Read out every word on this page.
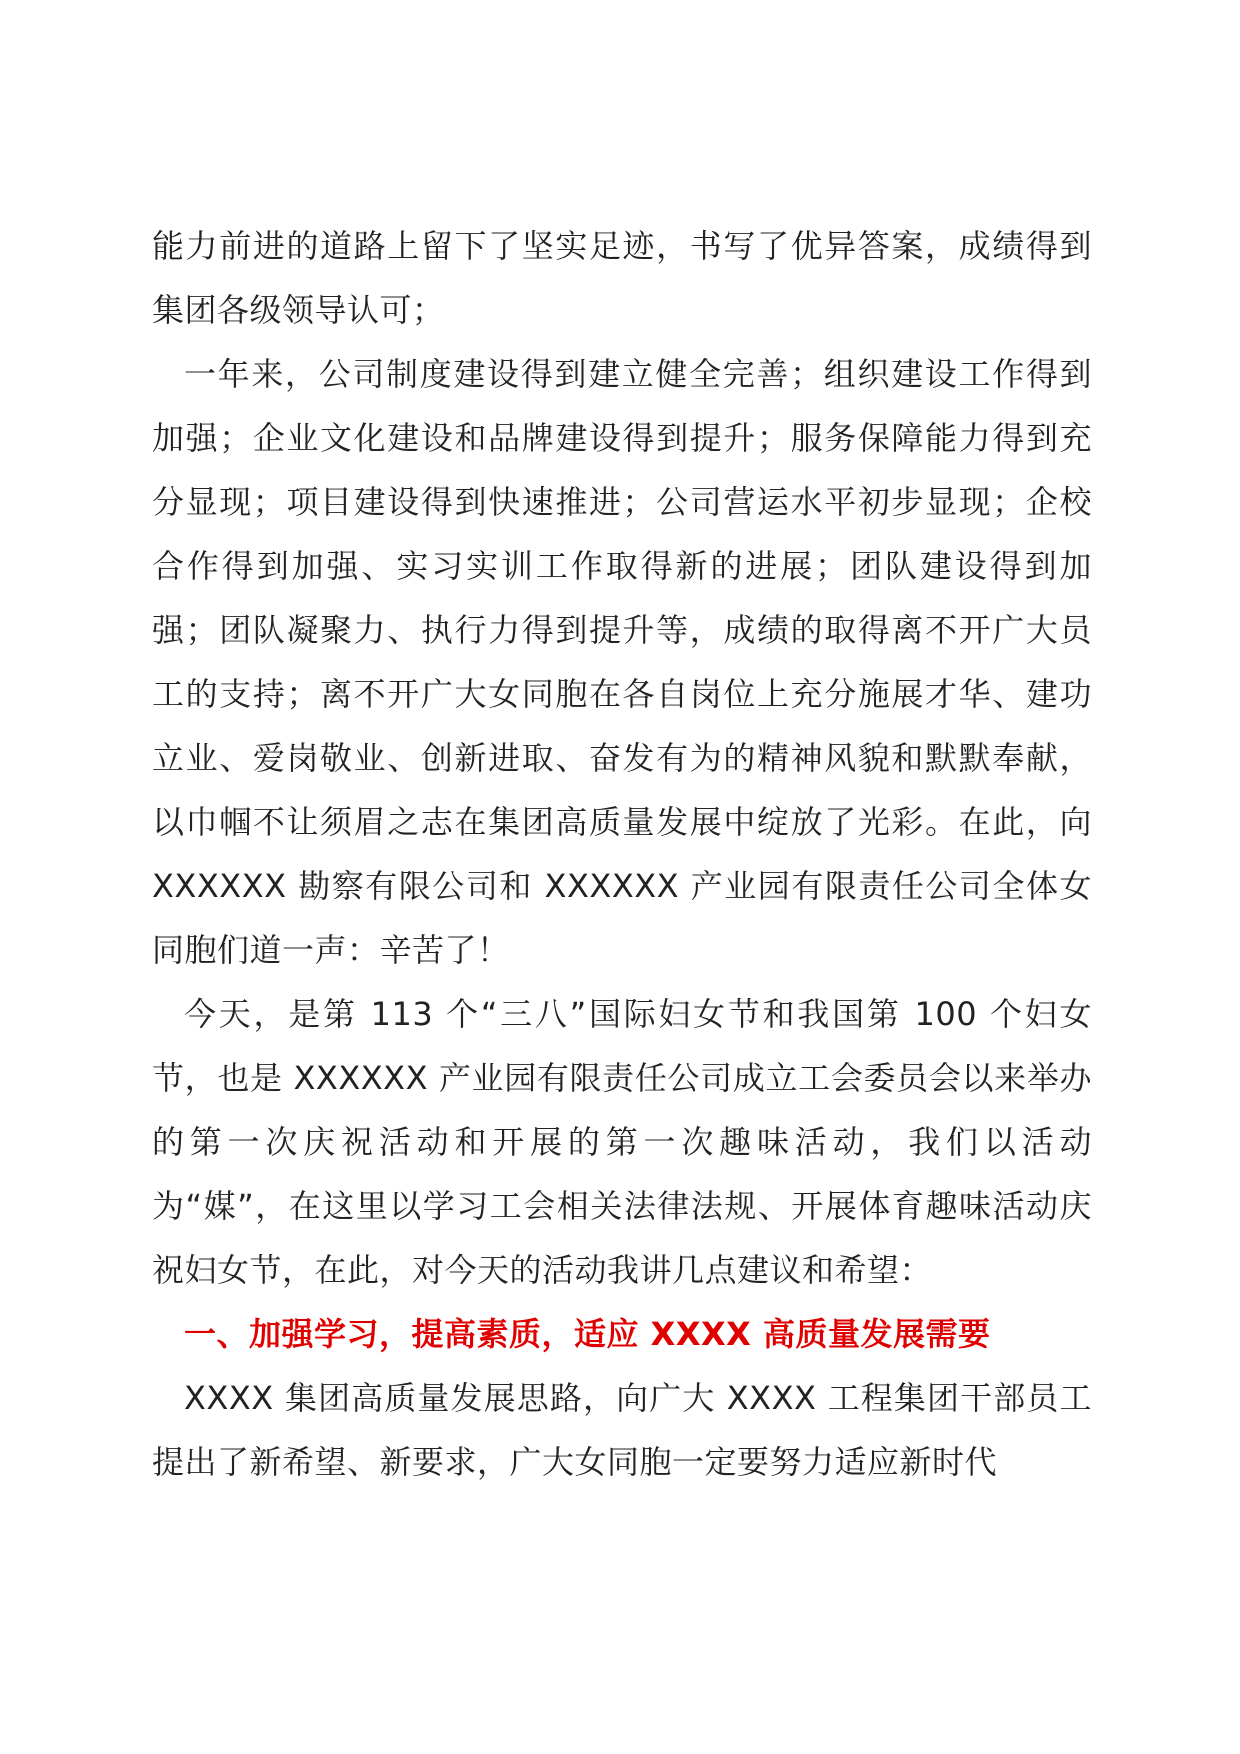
能力前进的道路上留下了坚实足迹，书写了优异答案，成绩得到集团各级领导认可；

一年来，公司制度建设得到建立健全完善；组织建设工作得到加强；企业文化建设和品牌建设得到提升；服务保障能力得到充分显现；项目建设得到快速推进；公司营运水平初步显现；企校合作得到加强、实习实训工作取得新的进展；团队建设得到加强；团队凝聚力、执行力得到提升等，成绩的取得离不开广大员工的支持；离不开广大女同胞在各自岗位上充分施展才华、建功立业、爱岗敬业、创新进取、奋发有为的精神风貌和默默奉献，以巾帼不让须眉之志在集团高质量发展中绽放了光彩。在此，向 XXXXXX 勘察有限公司和 XXXXXX 产业园有限责任公司全体女同胞们道一声：辛苦了！

今天，是第 113 个“三八”国际妇女节和我国第 100 个妇女节，也是 XXXXXX 产业园有限责任公司成立工会委员会以来举办的第一次庆祝活动和开展的第一次趣味活动，我们以活动为“媒”，在这里以学习工会相关法律法规、开展体育趣味活动庆祝妇女节，在此，对今天的活动我讲几点建议和希望：

一、加强学习，提高素质，适应 XXXX 高质量发展需要

XXXX 集团高质量发展思路，向广大 XXXX 工程集团干部员工提出了新希望、新要求，广大女同胞一定要努力适应新时代
